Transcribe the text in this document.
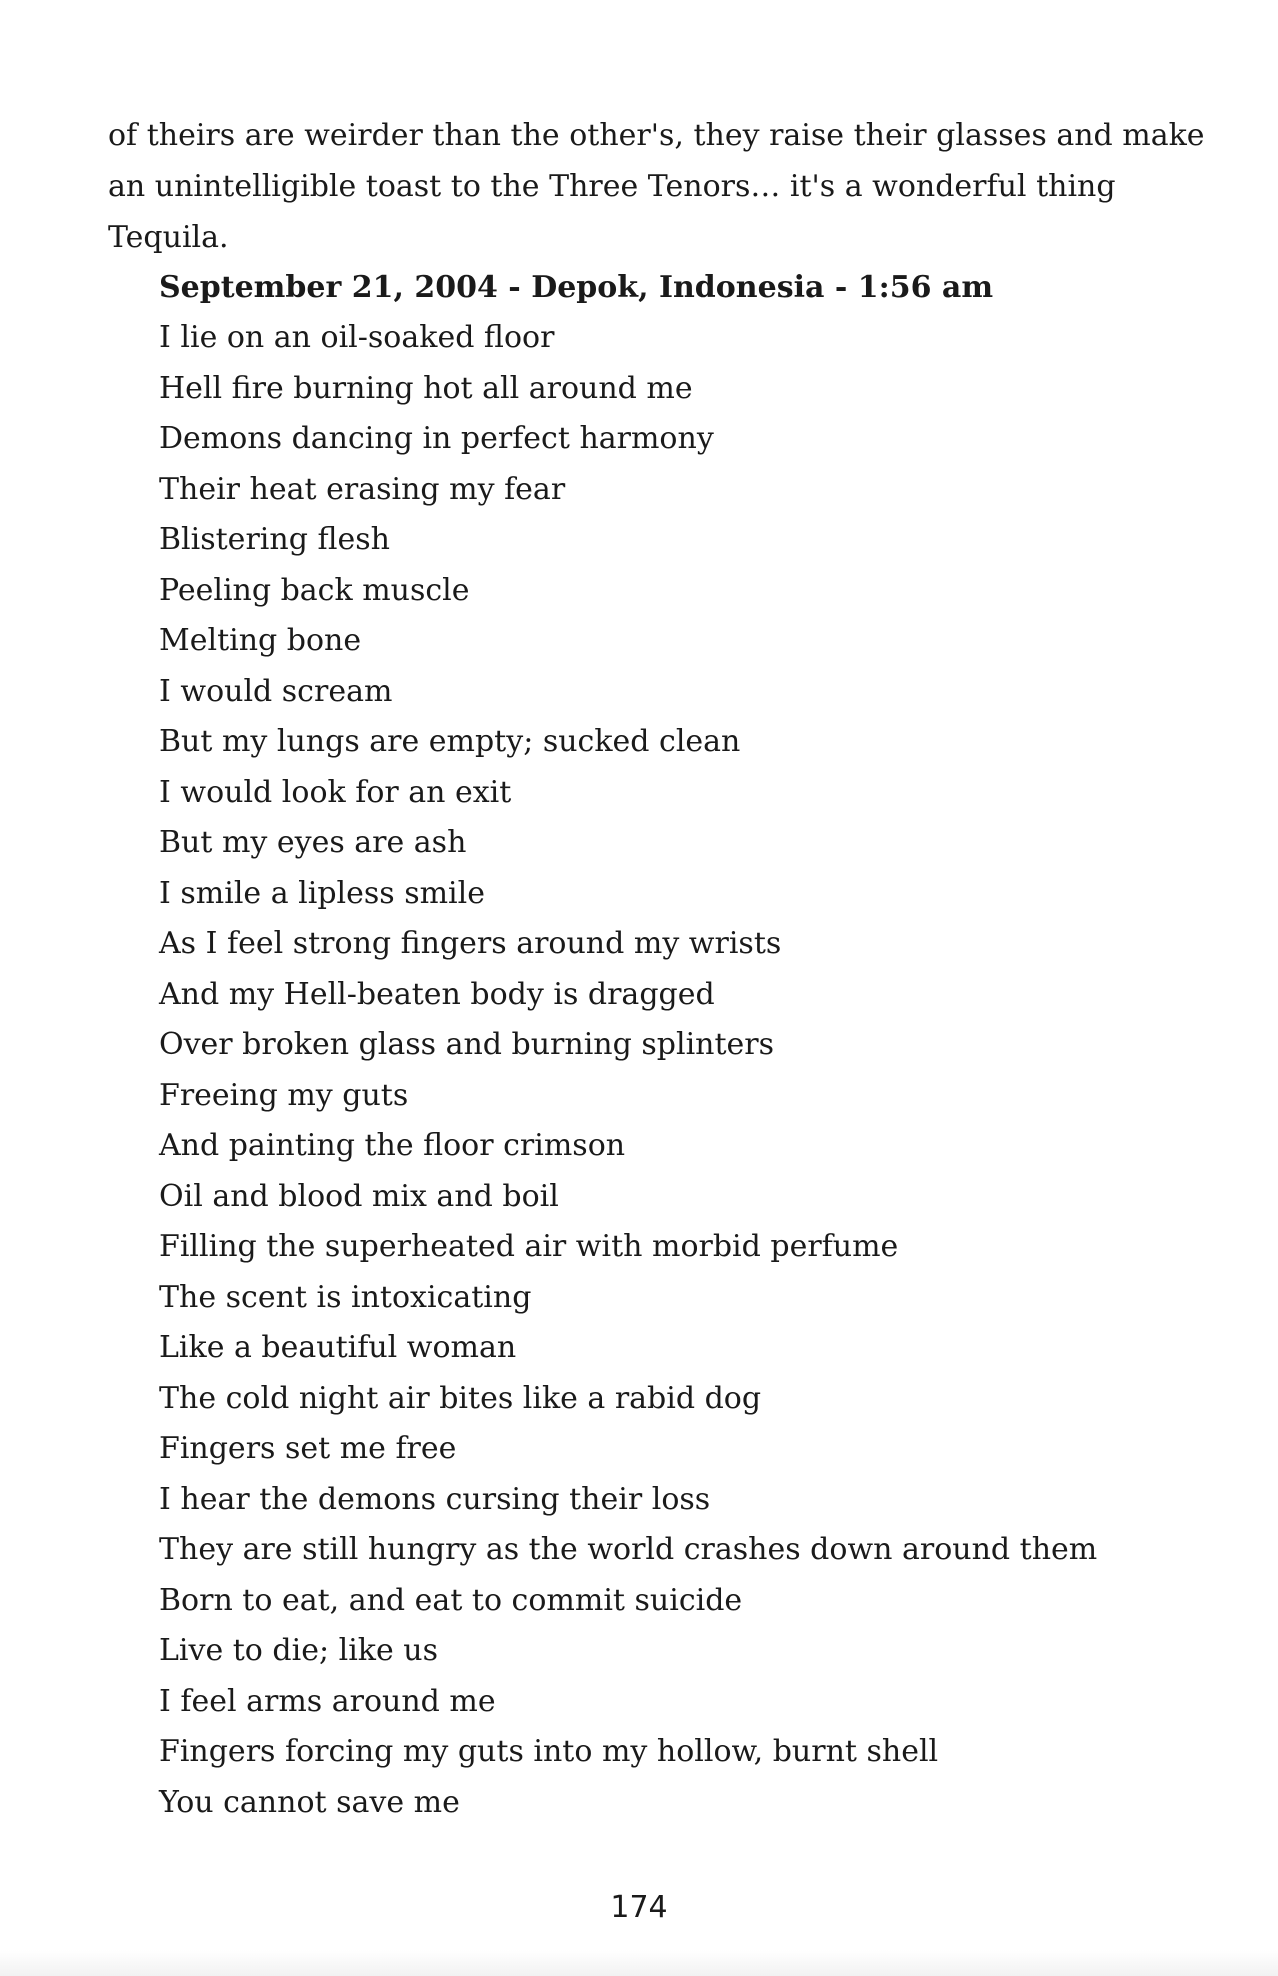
of theirs are weirder than the other's, they raise their glasses and make an unintelligible toast to the Three Tenors… it's a wonderful thing Tequila.

September 21, 2004 - Depok, Indonesia - 1:56 am
I lie on an oil-soaked floor
Hell fire burning hot all around me
Demons dancing in perfect harmony
Their heat erasing my fear
Blistering flesh
Peeling back muscle
Melting bone
I would scream
But my lungs are empty; sucked clean
I would look for an exit
But my eyes are ash
I smile a lipless smile
As I feel strong fingers around my wrists
And my Hell-beaten body is dragged
Over broken glass and burning splinters
Freeing my guts
And painting the floor crimson
Oil and blood mix and boil
Filling the superheated air with morbid perfume
The scent is intoxicating
Like a beautiful woman
The cold night air bites like a rabid dog
Fingers set me free
I hear the demons cursing their loss
They are still hungry as the world crashes down around them
Born to eat, and eat to commit suicide
Live to die; like us
I feel arms around me
Fingers forcing my guts into my hollow, burnt shell
You cannot save me
174
